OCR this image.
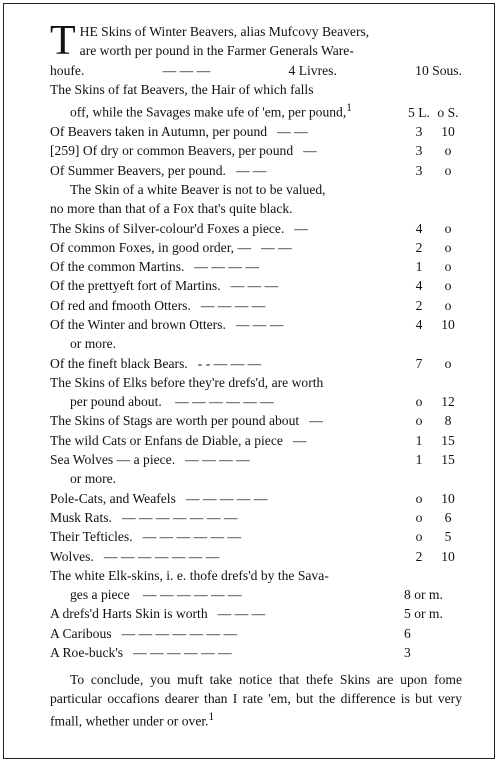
T HE Skins of Winter Beavers, alias Mufcovy Beavers,
are worth per pound in the Farmer Generals Ware-
houfe.	— — —	4 Livres.	10 Sous.
The Skins of fat Beavers, the Hair of which falls
off, while the Savages make ufe of 'em, per pound,$^1$	5 L. o S.
Of Beavers taken in Autumn, per pound — —	3	10
[259] Of dry or common Beavers, per pound —	3	o
Of Summer Beavers, per pound. — —	3	o

The Skin of a white Beaver is not to be valued,

no more than that of a Fox that's quite black.
The Skins of Silver-colour'd Foxes a piece. —	4	o
Of common Foxes, in good order, — — —	2	o
Of the common Martins. — — — —	1	o
Of the prettyeft fort of Martins. — — —	4	o
Of red and fmooth Otters. — — — —	2	o
Of the Winter and brown Otters. — — —	4	10
or more.
Of the fineft black Bears. - - — — —	7	o
The Skins of Elks before they're drefs'd, are worth
per pound about. — — — — — —	o	12
The Skins of Stags are worth per pound about —	o	8
The wild Cats or Enfans de Diable, a piece —	1	15
Sea Wolves — a piece. — — — —	1	15
or more.
Pole-Cats, and Weafels — — — — —	o	10
Musk Rats. — — — — — — —	o	6
Their Tefticles. — — — — — —	o	5
Wolves. — — — — — — —	2	10
The white Elk-skins, i. e. thofe drefs'd by the Sava-
ges a piece — — — — — —	8 or m.
A drefs'd Harts Skin is worth — — —	5 or m.
A Caribous — — — — — — —	6
A Roe-buck's — — — — — —	3

To conclude, you muft take notice that thefe Skins are upon fome particular occafions dearer than I rate 'em, but the difference is but very fmall, whether under or over.$^1$
